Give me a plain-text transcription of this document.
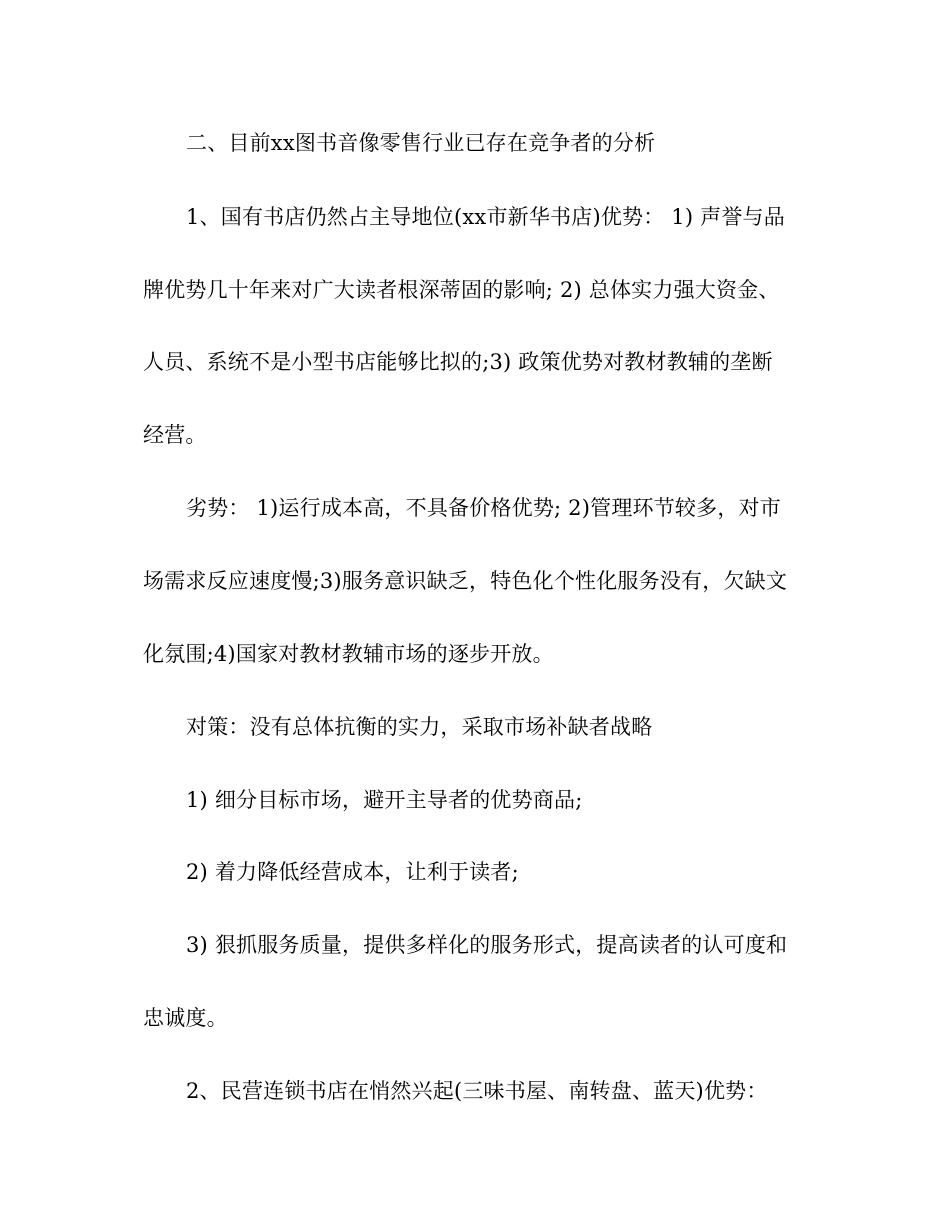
二、目前xx图书音像零售行业已存在竞争者的分析
1、国有书店仍然占主导地位(xx市新华书店)优势： 1) 声誉与品
牌优势几十年来对广大读者根深蒂固的影响; 2) 总体实力强大资金、
人员、系统不是小型书店能够比拟的;3) 政策优势对教材教辅的垄断
经营。
劣势： 1)运行成本高，不具备价格优势; 2)管理环节较多，对市
场需求反应速度慢;3)服务意识缺乏，特色化个性化服务没有，欠缺文
化氛围;4)国家对教材教辅市场的逐步开放。
对策：没有总体抗衡的实力，采取市场补缺者战略
1) 细分目标市场，避开主导者的优势商品;
2) 着力降低经营成本，让利于读者;
3) 狠抓服务质量，提供多样化的服务形式，提高读者的认可度和
忠诚度。
2、民营连锁书店在悄然兴起(三味书屋、南转盘、蓝天)优势：
